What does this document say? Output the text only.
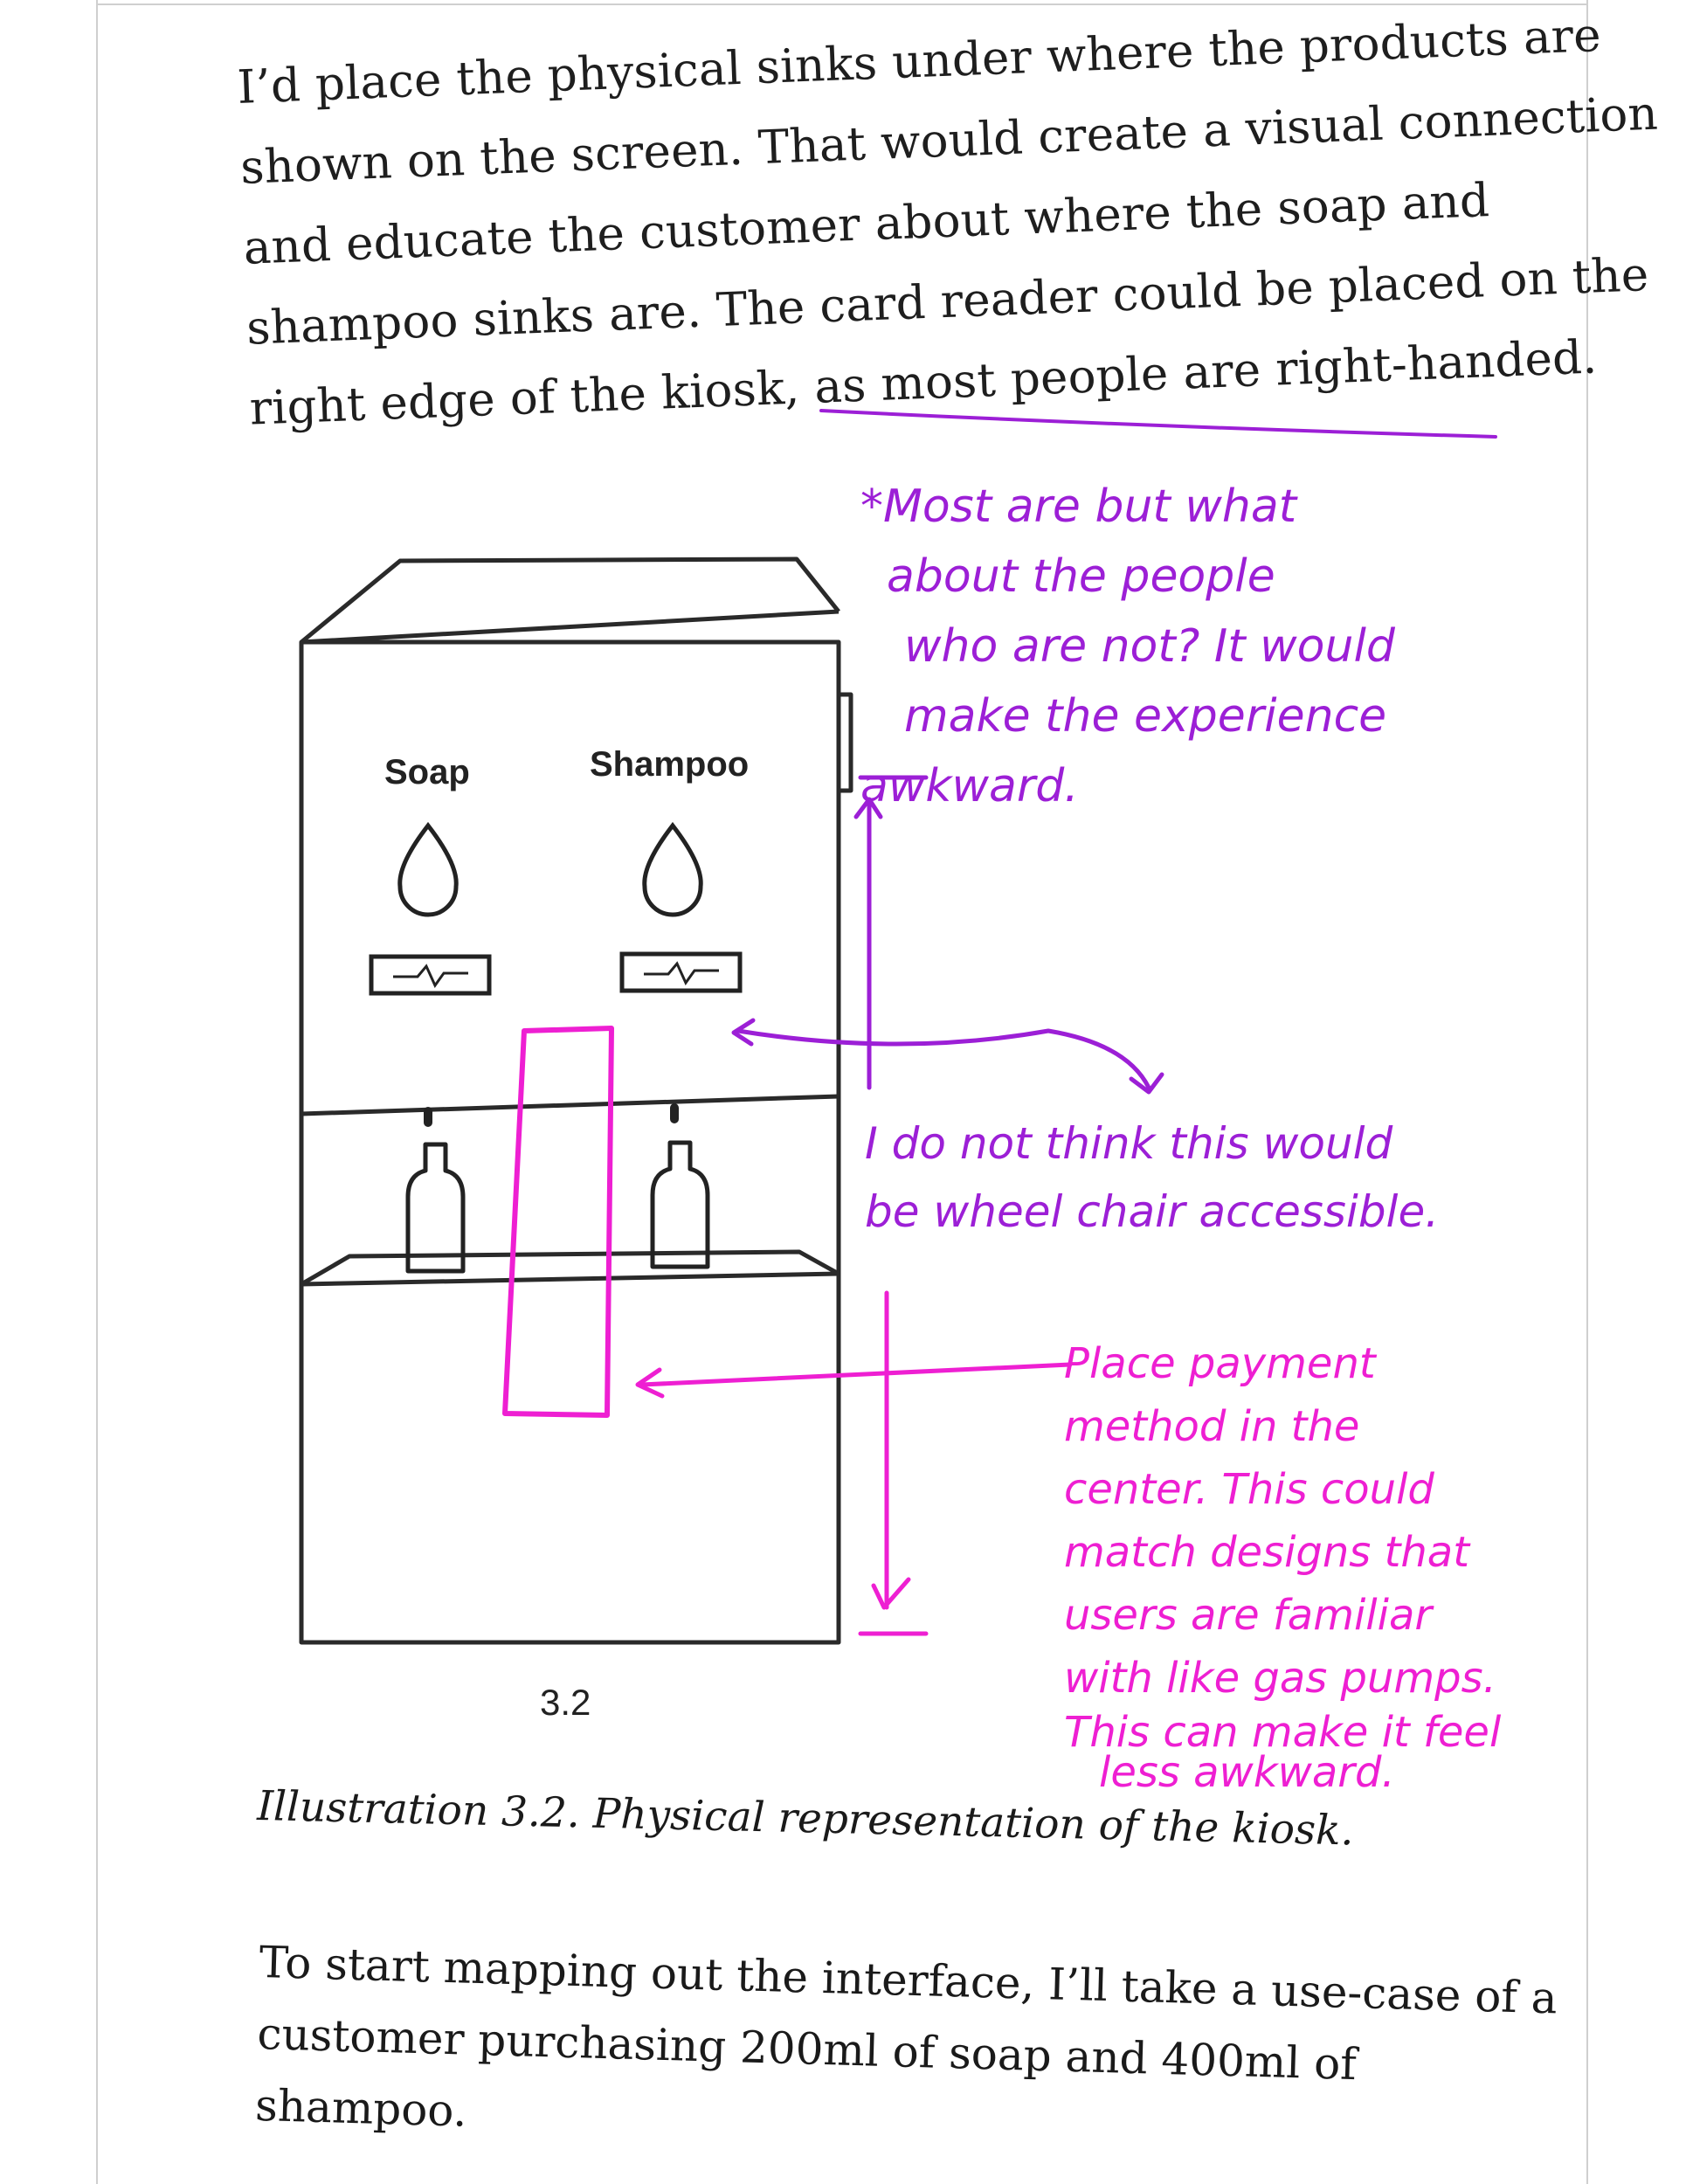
I’d place the physical sinks under where the products are
shown on the screen. That would create a visual connection
and educate the customer about where the soap and
shampoo sinks are. The card reader could be placed on the
right edge of the kiosk, as most people are right-handed.
Soap	Shampoo
3.2
*Most are but what
about the people
who are not? It would
make the experience
awkward.
I do not think this would
be wheel chair accessible.
Place payment
method in the
center. This could
match designs that
users are familiar
with like gas pumps.
This can make it feel
less awkward.
Illustration 3.2. Physical representation of the kiosk.
To start mapping out the interface, I’ll take a use-case of a
customer purchasing 200ml of soap and 400ml of
shampoo.
